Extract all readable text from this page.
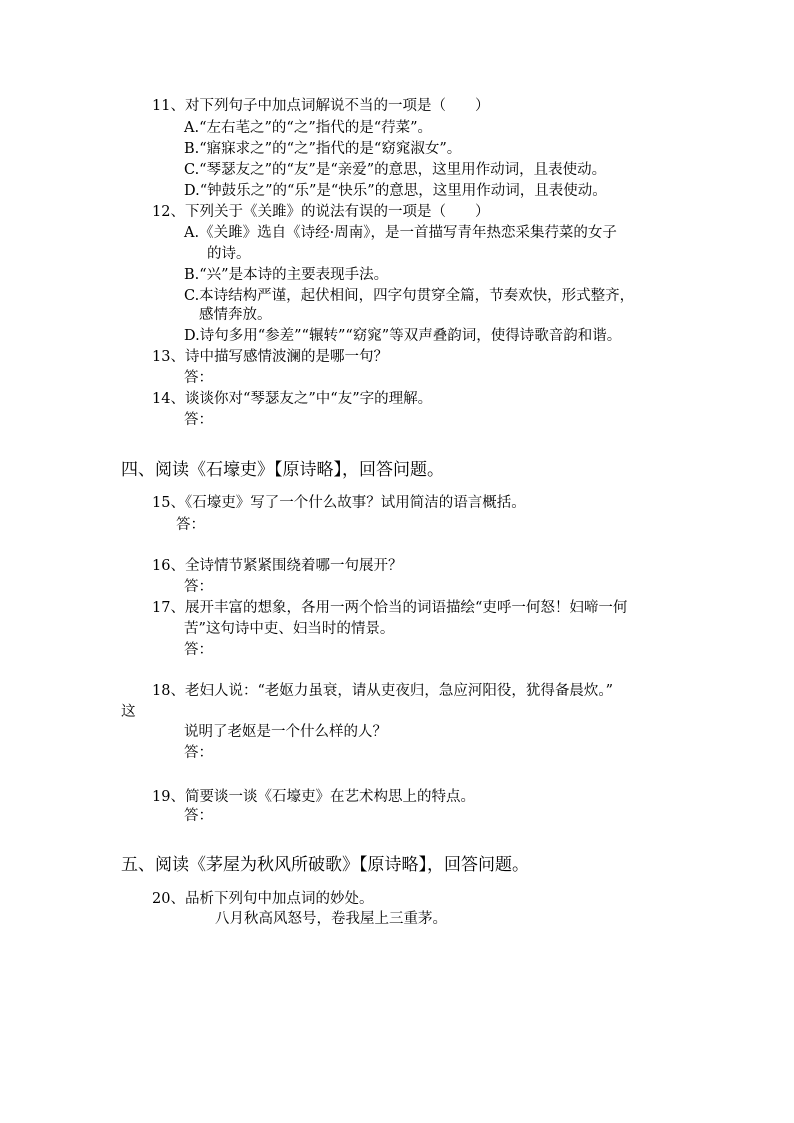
11、对下列句子中加点词解说不当的一项是（　　）
A.“左右芼之”的“之”指代的是“荇菜”。
B.“寤寐求之”的“之”指代的是“窈窕淑女”。
C.“琴瑟友之”的“友”是“亲爱”的意思，这里用作动词，且表使动。
D.“钟鼓乐之”的“乐”是“快乐”的意思，这里用作动词，且表使动。
12、下列关于《关雎》的说法有误的一项是（　　）
A.《关雎》选自《诗经·周南》，是一首描写青年热恋采集荇菜的女子
的诗。
B.“兴”是本诗的主要表现手法。
C.本诗结构严谨，起伏相间，四字句贯穿全篇，节奏欢快，形式整齐，
感情奔放。
D.诗句多用“参差”“辗转”“窈窕”等双声叠韵词，使得诗歌音韵和谐。
13、诗中描写感情波澜的是哪一句？
答：
14、谈谈你对“琴瑟友之”中“友”字的理解。
答：
四、阅读《石壕吏》【原诗略】，回答问题。
15、《石壕吏》写了一个什么故事？试用简洁的语言概括。
答：
16、全诗情节紧紧围绕着哪一句展开？
答：
17、展开丰富的想象，各用一两个恰当的词语描绘“吏呼一何怒！妇啼一何
苦”这句诗中吏、妇当时的情景。
答：
18、老妇人说：“老妪力虽衰，请从吏夜归，急应河阳役，犹得备晨炊。”
这
说明了老妪是一个什么样的人？
答：
19、简要谈一谈《石壕吏》在艺术构思上的特点。
答：
五、阅读《茅屋为秋风所破歌》【原诗略】，回答问题。
20、品析下列句中加点词的妙处。
八月秋高风怒号，卷我屋上三重茅。
